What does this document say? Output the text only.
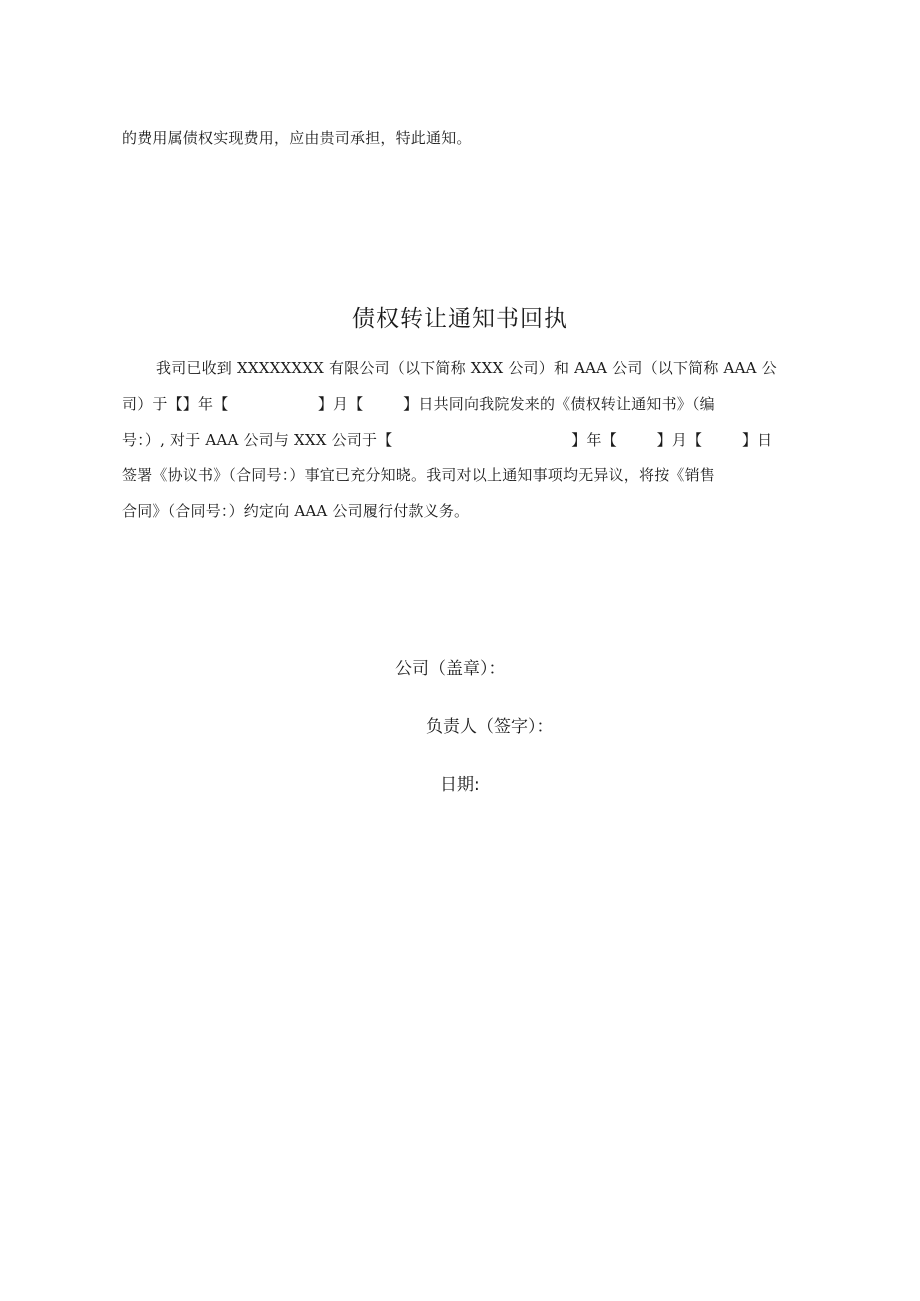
的费用属债权实现费用，应由贵司承担，特此通知。
债权转让通知书回执
我司已收到 XXXXXXXX 有限公司（以下简称 XXX 公司）和 AAA 公司（以下简称 AAA 公
司）于【】年【                  】月【        】日共同向我院发来的《债权转让通知书》（编
号：）, 对于 AAA 公司与 XXX 公司于【                                    】年【        】月【        】日
签署《协议书》（合同号：）事宜已充分知晓。我司对以上通知事项均无异议，将按《销售
合同》（合同号：）约定向 AAA 公司履行付款义务。
公司（盖章）：
负责人（签字）：
日期:
